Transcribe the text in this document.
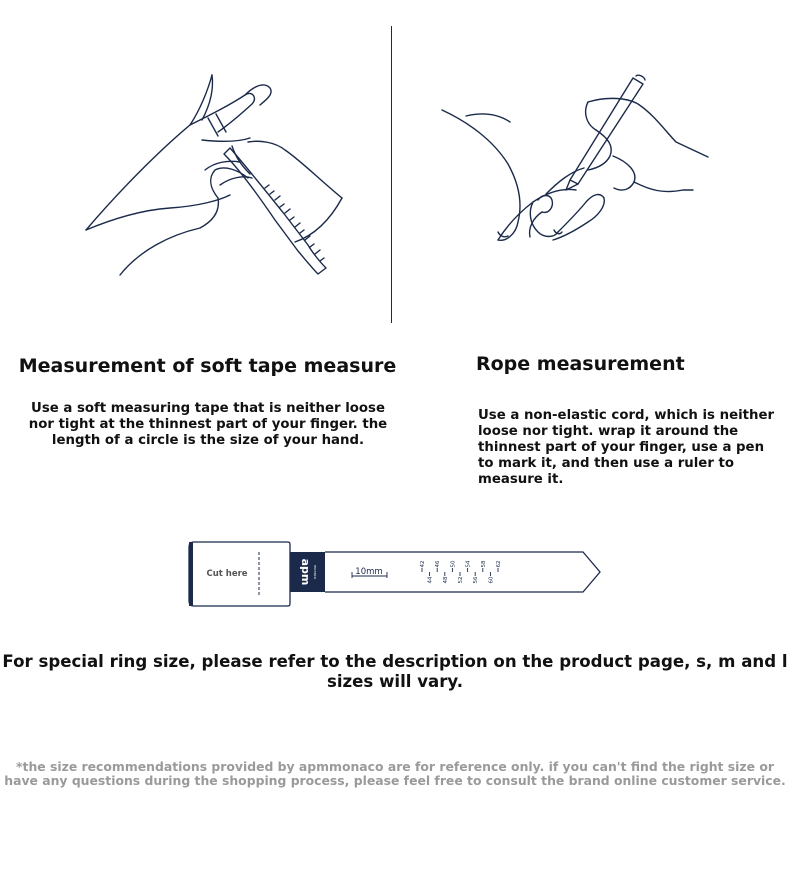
Measurement of soft tape measure	Rope measurement
Use a soft measuring tape that is neither loose nor tight at the thinnest part of your finger. the length of a circle is the size of your hand.
Use a non-elastic cord, which is neither loose nor tight. wrap it around the thinnest part of your finger, use a pen to mark it, and then use a ruler to measure it.
Cut here	apm monaco	10mm
42 46 50 54 58 62
44 48 52 56 60
For special ring size, please refer to the description on the product page, s, m and l sizes will vary.
*the size recommendations provided by apmmonaco are for reference only. if you can't find the right size or have any questions during the shopping process, please feel free to consult the brand online customer service.
